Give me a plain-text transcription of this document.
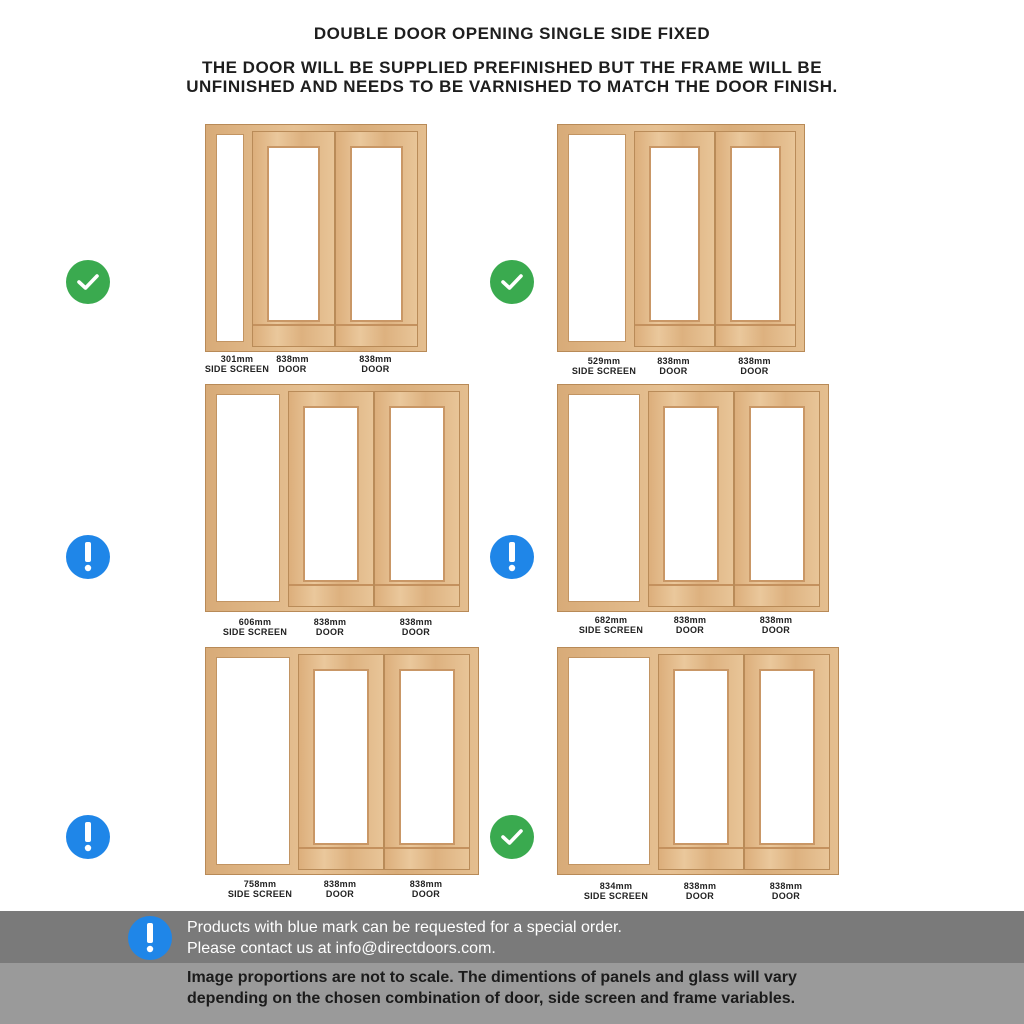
DOUBLE DOOR OPENING SINGLE SIDE FIXED
THE DOOR WILL BE SUPPLIED PREFINISHED BUT THE FRAME WILL BE
UNFINISHED AND NEEDS TO BE VARNISHED TO MATCH THE DOOR FINISH.
301mm
SIDE SCREEN
838mm
DOOR
838mm
DOOR
529mm
SIDE SCREEN
838mm
DOOR
838mm
DOOR
606mm
SIDE SCREEN
838mm
DOOR
838mm
DOOR
682mm
SIDE SCREEN
838mm
DOOR
838mm
DOOR
758mm
SIDE SCREEN
838mm
DOOR
838mm
DOOR
834mm
SIDE SCREEN
838mm
DOOR
838mm
DOOR
Products with blue mark can be requested for a special order.
Please contact us at info@directdoors.com.
Image proportions are not to scale. The dimentions of panels and glass will vary
depending on the chosen combination of door, side screen and frame variables.
